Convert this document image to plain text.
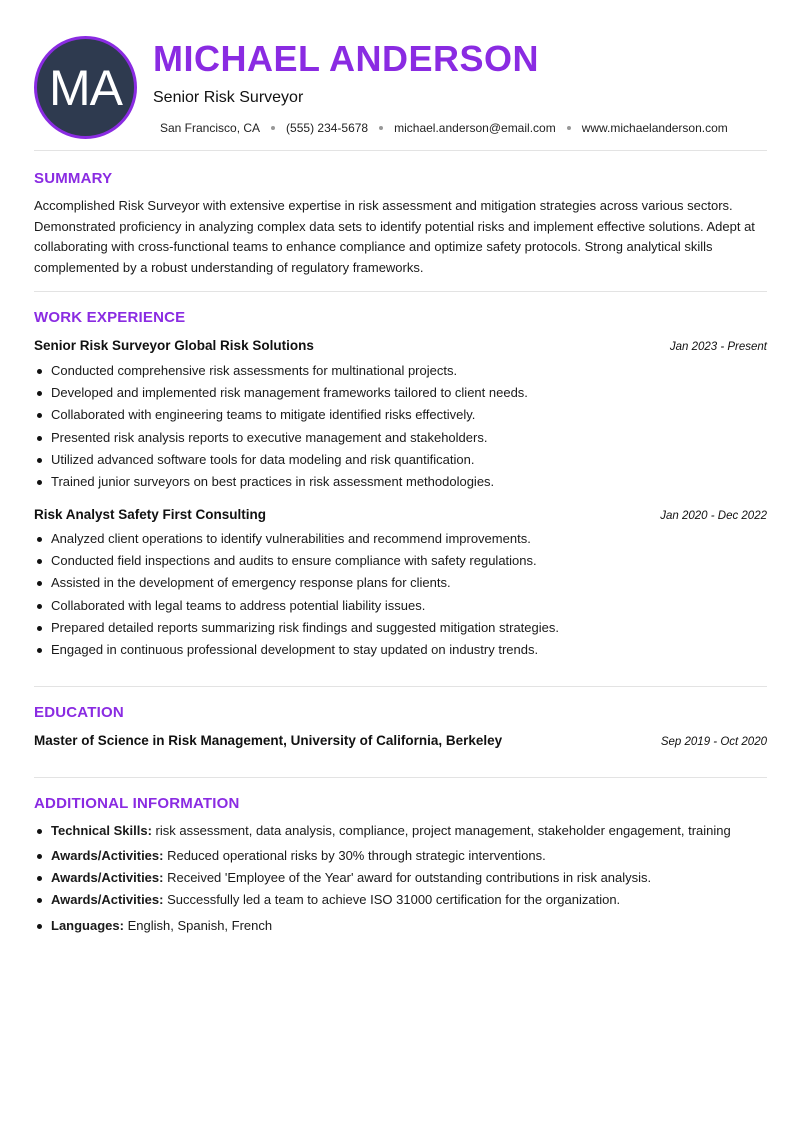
MA
MICHAEL ANDERSON
Senior Risk Surveyor
San Francisco, CA (555) 234-5678 michael.anderson@email.com www.michaelanderson.com
SUMMARY
Accomplished Risk Surveyor with extensive expertise in risk assessment and mitigation strategies across various sectors. Demonstrated proficiency in analyzing complex data sets to identify potential risks and implement effective solutions. Adept at collaborating with cross-functional teams to enhance compliance and optimize safety protocols. Strong analytical skills complemented by a robust understanding of regulatory frameworks.
WORK EXPERIENCE
Senior Risk Surveyor Global Risk Solutions	Jan 2023 - Present
Conducted comprehensive risk assessments for multinational projects.
Developed and implemented risk management frameworks tailored to client needs.
Collaborated with engineering teams to mitigate identified risks effectively.
Presented risk analysis reports to executive management and stakeholders.
Utilized advanced software tools for data modeling and risk quantification.
Trained junior surveyors on best practices in risk assessment methodologies.
Risk Analyst Safety First Consulting	Jan 2020 - Dec 2022
Analyzed client operations to identify vulnerabilities and recommend improvements.
Conducted field inspections and audits to ensure compliance with safety regulations.
Assisted in the development of emergency response plans for clients.
Collaborated with legal teams to address potential liability issues.
Prepared detailed reports summarizing risk findings and suggested mitigation strategies.
Engaged in continuous professional development to stay updated on industry trends.
EDUCATION
Master of Science in Risk Management, University of California, Berkeley	Sep 2019 - Oct 2020
ADDITIONAL INFORMATION
Technical Skills: risk assessment, data analysis, compliance, project management, stakeholder engagement, training
Awards/Activities: Reduced operational risks by 30% through strategic interventions.
Awards/Activities: Received 'Employee of the Year' award for outstanding contributions in risk analysis.
Awards/Activities: Successfully led a team to achieve ISO 31000 certification for the organization.
Languages: English, Spanish, French
